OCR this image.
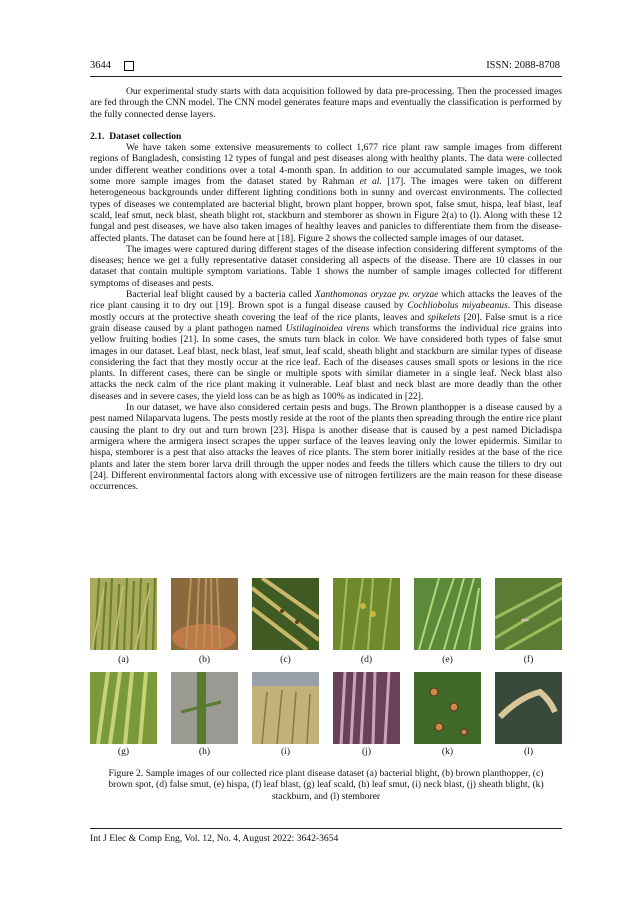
3644	ISSN: 2088-8708

Our experimental study starts with data acquisition followed by data pre-processing. Then the processed images are fed through the CNN model. The CNN model generates feature maps and eventually the classification is performed by the fully connected dense layers.

2.1.  Dataset collection

We have taken some extensive measurements to collect 1,677 rice plant raw sample images from different regions of Bangladesh, consisting 12 types of fungal and pest diseases along with healthy plants. The data were collected under different weather conditions over a total 4-month span. In addition to our accumulated sample images, we took some more sample images from the dataset stated by Rahman et al. [17]. The images were taken on different heterogeneous backgrounds under different lighting conditions both in sunny and overcast environments. The collected types of diseases we contemplated are bacterial blight, brown plant hopper, brown spot, false smut, hispa, leaf blast, leaf scald, leaf smut, neck blast, sheath blight rot, stackburn and stemborer as shown in Figure 2(a) to (l). Along with these 12 fungal and pest diseases, we have also taken images of healthy leaves and panicles to differentiate them from the disease-affected plants. The dataset can be found here at [18]. Figure 2 shows the collected sample images of our dataset.

The images were captured during different stages of the disease infection considering different symptoms of the diseases; hence we get a fully representative dataset considering all aspects of the disease. There are 10 classes in our dataset that contain multiple symptom variations. Table 1 shows the number of sample images collected for different symptoms of diseases and pests.

Bacterial leaf blight caused by a bacteria called Xanthomonas oryzae pv. oryzae which attacks the leaves of the rice plant causing it to dry out [19]. Brown spot is a fungal disease caused by Cochliobolus miyabeanus. This disease mostly occurs at the protective sheath covering the leaf of the rice plants, leaves and spikelets [20]. False smut is a rice grain disease caused by a plant pathogen named Ustilaginoidea virens which transforms the individual rice grains into yellow fruiting bodies [21]. In some cases, the smuts turn black in color. We have considered both types of false smut images in our dataset. Leaf blast, neck blast, leaf smut, leaf scald, sheath blight and stackburn are similar types of disease considering the fact that they mostly occur at the rice leaf. Each of the diseases causes small spots or lesions in the rice plants. In different cases, there can be single or multiple spots with similar diameter in a single leaf. Neck blast also attacks the neck calm of the rice plant making it vulnerable. Leaf blast and neck blast are more deadly than the other diseases and in severe cases, the yield loss can be as high as 100% as indicated in [22].

In our dataset, we have also considered certain pests and bugs. The Brown planthopper is a disease caused by a pest named Nilaparvata lugens. The pests mostly reside at the root of the plants then spreading through the entire rice plant causing the plant to dry out and turn brown [23]. Hispa is another disease that is caused by a pest named Dicladispa armigera where the armigera insect scrapes the upper surface of the leaves leaving only the lower epidermis. Similar to hispa, stemborer is a pest that also attacks the leaves of rice plants. The stem borer initially resides at the base of the rice plants and later the stem borer larva drill through the upper nodes and feeds the tillers which cause the tillers to dry out [24]. Different environmental factors along with excessive use of nitrogen fertilizers are the main reason for these disease occurrences.

(a)	(b)	(c)	(d)	(e)	(f)
(g)	(h)	(i)	(j)	(k)	(l)
Figure 2. Sample images of our collected rice plant disease dataset (a) bacterial blight, (b) brown planthopper, (c) brown spot, (d) false smut, (e) hispa, (f) leaf blast, (g) leaf scald, (h) leaf smut, (i) neck blast, (j) sheath blight, (k) stackburn, and (l) stemborer
Int J Elec & Comp Eng, Vol. 12, No. 4, August 2022: 3642-3654
